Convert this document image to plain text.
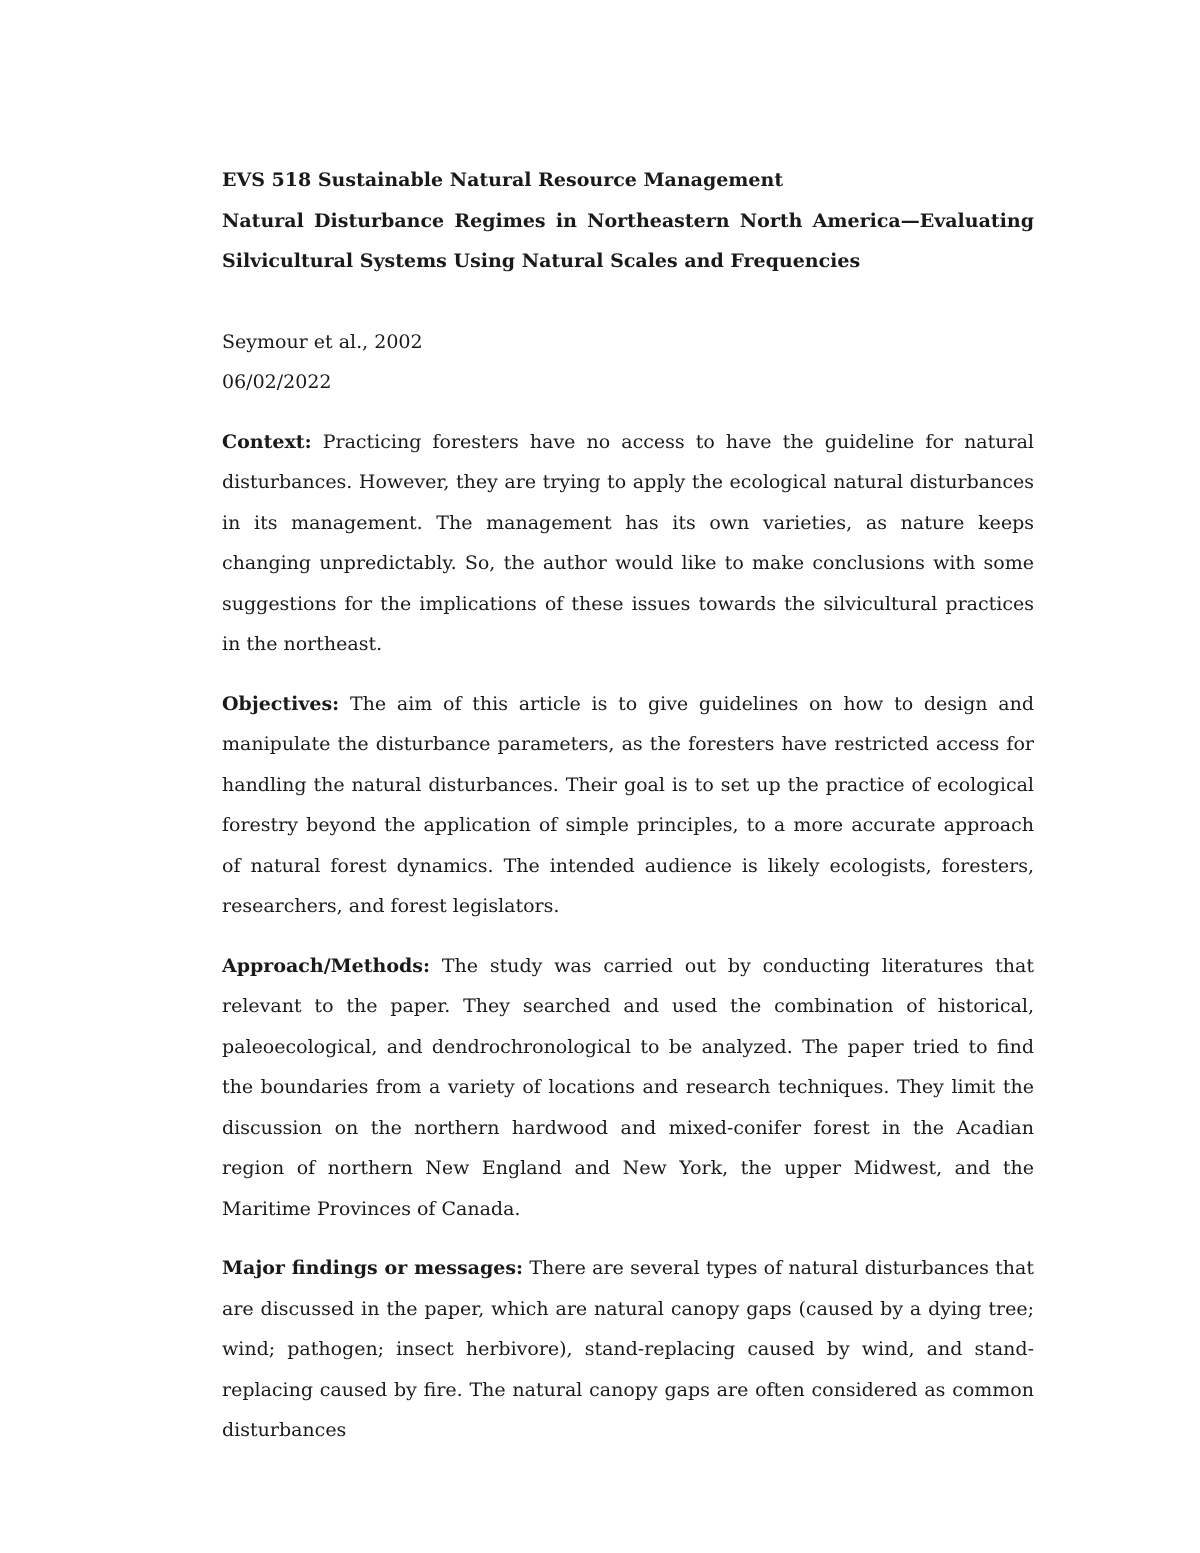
EVS 518 Sustainable Natural Resource Management

Natural Disturbance Regimes in Northeastern North America—Evaluating Silvicultural Systems Using Natural Scales and Frequencies

Seymour et al., 2002

06/02/2022

Context: Practicing foresters have no access to have the guideline for natural disturbances. However, they are trying to apply the ecological natural disturbances in its management. The management has its own varieties, as nature keeps changing unpredictably. So, the author would like to make conclusions with some suggestions for the implications of these issues towards the silvicultural practices in the northeast.

Objectives: The aim of this article is to give guidelines on how to design and manipulate the disturbance parameters, as the foresters have restricted access for handling the natural disturbances. Their goal is to set up the practice of ecological forestry beyond the application of simple principles, to a more accurate approach of natural forest dynamics. The intended audience is likely ecologists, foresters, researchers, and forest legislators.

Approach/Methods: The study was carried out by conducting literatures that relevant to the paper. They searched and used the combination of historical, paleoecological, and dendrochronological to be analyzed. The paper tried to find the boundaries from a variety of locations and research techniques. They limit the discussion on the northern hardwood and mixed-conifer forest in the Acadian region of northern New England and New York, the upper Midwest, and the Maritime Provinces of Canada.

Major findings or messages: There are several types of natural disturbances that are discussed in the paper, which are natural canopy gaps (caused by a dying tree; wind; pathogen; insect herbivore), stand-replacing caused by wind, and stand-replacing caused by fire. The natural canopy gaps are often considered as common disturbances
